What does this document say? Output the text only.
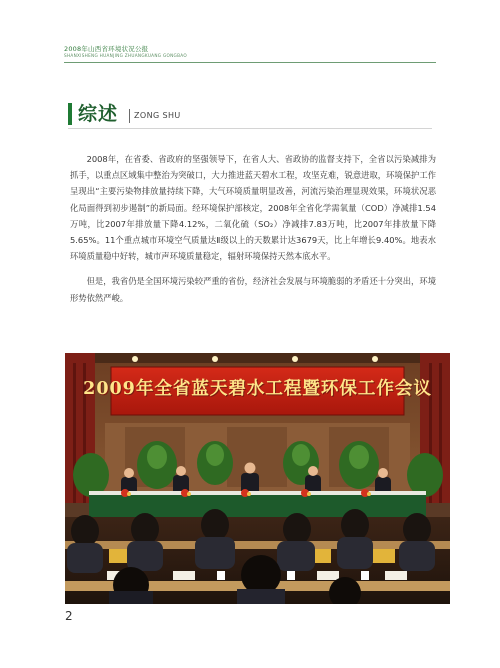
2008年山西省环境状况公报
SHANXISHENG HUANJING ZHUANGKUANG GONGBAO
综述 ZONG SHU

2008年，在省委、省政府的坚强领导下，在省人大、省政协的监督支持下，全省以污染减排为抓手，以重点区域集中整治为突破口，大力推进蓝天碧水工程，攻坚克难，锐意进取，环境保护工作呈现出“主要污染物排放量持续下降，大气环境质量明显改善，河流污染治理显现效果，环境状况恶化局面得到初步遏制”的新局面。经环境保护部核定，2008年全省化学需氧量（COD）净减排1.54万吨，比2007年排放量下降4.12%，二氧化硫（SO₂）净减排7.83万吨，比2007年排放量下降5.65%。11个重点城市环境空气质量达Ⅱ级以上的天数累计达3679天，比上年增长9.40%。地表水环境质量稳中好转，城市声环境质量稳定，辐射环境保持天然本底水平。

但是，我省仍是全国环境污染较严重的省份，经济社会发展与环境脆弱的矛盾还十分突出，环境形势依然严峻。

2009年全省蓝天碧水工程暨环保工作会议
2
